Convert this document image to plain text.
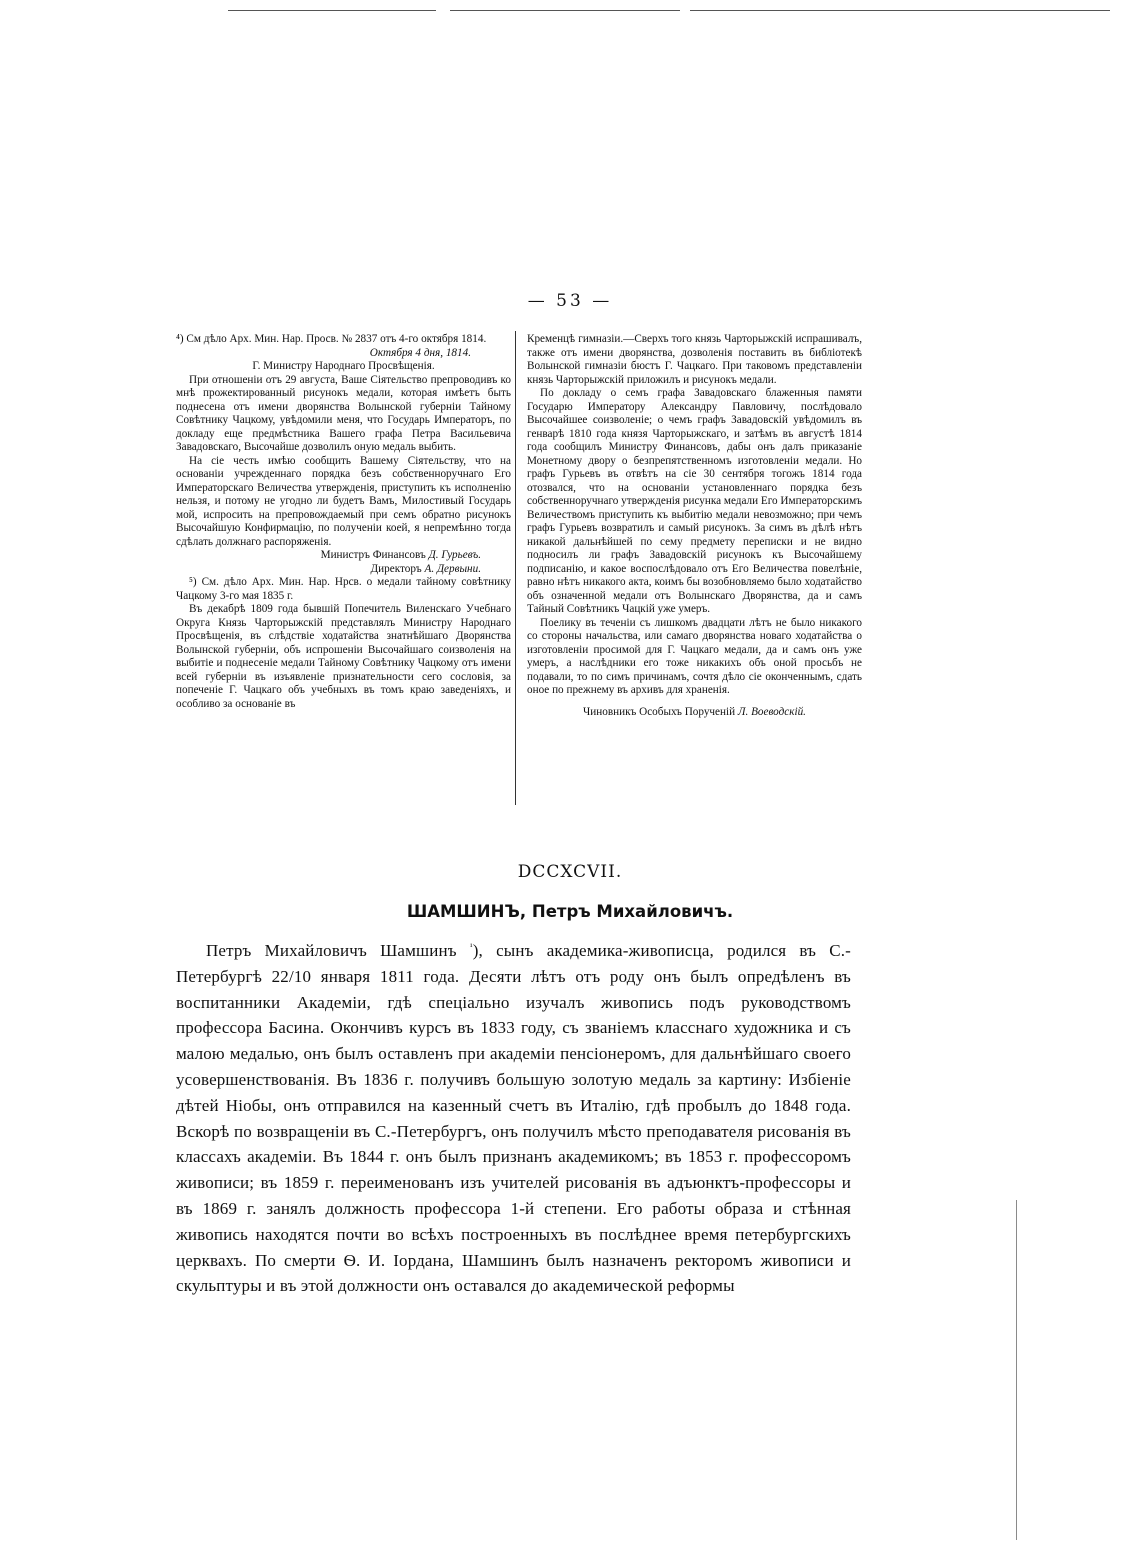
— 53 —

⁴) См дѣло Арх. Мин. Нар. Просв. № 2837 отъ 4-го октября 1814.

Октября 4 дня, 1814.

Г. Министру Народнаго Просвѣщенія.

При отношеніи отъ 29 августа, Ваше Сіятельство препроводивъ ко мнѣ прожектированный рисунокъ медали, которая имѣетъ быть поднесена отъ имени дворянства Волынской губерніи Тайному Совѣтнику Чацкому, увѣдомили меня, что Государь Императоръ, по докладу еще предмѣстника Вашего графа Петра Васильевича Завадовскаго, Высочайше дозволилъ оную медаль выбить.

На сіе честь имѣю сообщить Вашему Сіятельству, что на основаніи учрежденнаго порядка безъ собственноручнаго Его Императорскаго Величества утвержденія, приступить къ исполненію нельзя, и потому не угодно ли будетъ Вамъ, Милостивый Государь мой, испросить на препровождаемый при семъ обратно рисунокъ Высочайшую Конфирмацію, по полученіи коей, я непремѣнно тогда сдѣлать должнаго распоряженія.

Министръ Финансовъ Д. Гурьевъ.

Директоръ А. Дервыни.

⁵) См. дѣло Арх. Мин. Нар. Нрсв. о медали тайному совѣтнику Чацкому 3-го мая 1835 г.

Въ декабрѣ 1809 года бывшій Попечитель Виленскаго Учебнаго Округа Князь Чарторыжскій представлялъ Министру Народнаго Просвѣщенія, въ слѣдствіе ходатайства знатнѣйшаго Дворянства Волынской губерніи, объ испрошеніи Высочайшаго соизволенія на выбитіе и поднесеніе медали Тайному Совѣтнику Чацкому отъ имени всей губерніи въ изъявленіе признательности сего сословія, за попеченіе Г. Чацкаго объ учебныхъ въ томъ краю заведеніяхъ, и особливо за основаніе въ

Кременцѣ гимназіи.—Сверхъ того князь Чарторыжскій испрашивалъ, также отъ имени дворянства, дозволенія поставить въ библіотекѣ Волынской гимназіи бюстъ Г. Чацкаго. При таковомъ представленіи князь Чарторыжскій приложилъ и рисунокъ медали.

По докладу о семъ графа Завадовскаго блаженныя памяти Государю Императору Александру Павловичу, послѣдовало Высочайшее соизволеніе; о чемъ графъ Завадовскій увѣдомилъ въ генварѣ 1810 года князя Чарторыжскаго, и затѣмъ въ августѣ 1814 года сообщилъ Министру Финансовъ, дабы онъ далъ приказаніе Монетному двору о безпрепятственномъ изготовленіи медали. Но графъ Гурьевъ въ отвѣтъ на сіе 30 сентября тогожъ 1814 года отозвался, что на основаніи установленнаго порядка безъ собственноручнаго утвержденія рисунка медали Его Императорскимъ Величествомъ приступить къ выбитію медали невозможно; при чемъ графъ Гурьевъ возвратилъ и самый рисунокъ. За симъ въ дѣлѣ нѣтъ никакой дальнѣйшей по сему предмету переписки и не видно подносилъ ли графъ Завадовскій рисунокъ къ Высочайшему подписанію, и какое воспослѣдовало отъ Его Величества повелѣніе, равно нѣтъ никакого акта, коимъ бы возобновляемо было ходатайство объ означенной медали отъ Волынскаго Дворянства, да и самъ Тайный Совѣтникъ Чацкій уже умеръ.

Поелику въ теченіи съ лишкомъ двадцати лѣтъ не было никакого со стороны начальства, или самаго дворянства новаго ходатайства о изготовленіи просимой для Г. Чацкаго медали, да и самъ онъ уже умеръ, а наслѣдники его тоже никакихъ объ оной просьбъ не подавали, то по симъ причинамъ, сочтя дѣло сіе оконченнымъ, сдать оное по прежнему въ архивъ для храненія.

Чиновникъ Особыхъ Порученій Л. Воеводскій.

DCCXCVII.
ШАМШИНЪ, Петръ Михайловичъ.

Петръ Михайловичъ Шамшинъ $^{^1}$), сынъ академика-живописца, родился въ С.-Петербургѣ 22/10 января 1811 года. Десяти лѣтъ отъ роду онъ былъ опредѣленъ въ воспитанники Академіи, гдѣ спеціально изучалъ живопись подъ руководствомъ профессора Басина. Окончивъ курсъ въ 1833 году, съ званіемъ класснаго художника и съ малою медалью, онъ былъ оставленъ при академіи пенсіонеромъ, для дальнѣйшаго своего усовершенствованія. Въ 1836 г. получивъ большую золотую медаль за картину: Избіеніе дѣтей Ніобы, онъ отправился на казенный счетъ въ Италію, гдѣ пробылъ до 1848 года. Вскорѣ по возвращеніи въ С.-Петербургъ, онъ получилъ мѣсто преподавателя рисованія въ классахъ академіи. Въ 1844 г. онъ былъ признанъ академикомъ; въ 1853 г. профессоромъ живописи; въ 1859 г. переименованъ изъ учителей рисованія въ адъюнктъ-профессоры и въ 1869 г. занялъ должность профессора 1-й степени. Его работы образа и стѣнная живопись находятся почти во всѣхъ построенныхъ въ послѣднее время петербургскихъ церквахъ. По смерти Ѳ. И. Іордана, Шамшинъ былъ назначенъ ректоромъ живописи и скульптуры и въ этой должности онъ оставался до академической реформы
